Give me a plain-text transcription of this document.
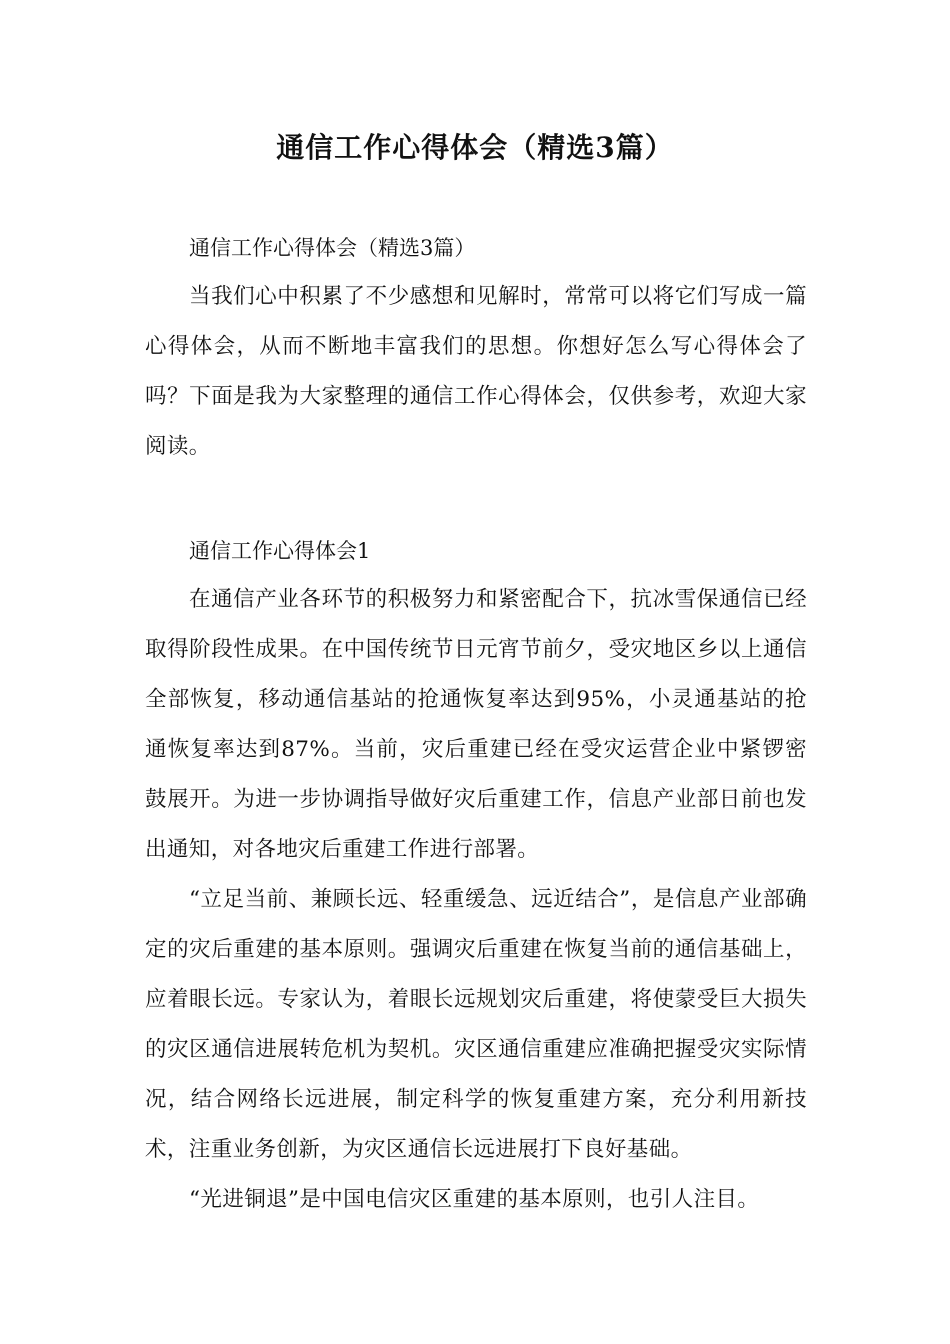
通信工作心得体会（精选3篇）

通信工作心得体会（精选3篇）

当我们心中积累了不少感想和见解时，常常可以将它们写成一篇心得体会，从而不断地丰富我们的思想。你想好怎么写心得体会了吗？下面是我为大家整理的通信工作心得体会，仅供参考，欢迎大家阅读。

通信工作心得体会1

在通信产业各环节的积极努力和紧密配合下，抗冰雪保通信已经取得阶段性成果。在中国传统节日元宵节前夕，受灾地区乡以上通信全部恢复，移动通信基站的抢通恢复率达到95%，小灵通基站的抢通恢复率达到87%。当前，灾后重建已经在受灾运营企业中紧锣密鼓展开。为进一步协调指导做好灾后重建工作，信息产业部日前也发出通知，对各地灾后重建工作进行部署。

“立足当前、兼顾长远、轻重缓急、远近结合”，是信息产业部确定的灾后重建的基本原则。强调灾后重建在恢复当前的通信基础上，应着眼长远。专家认为，着眼长远规划灾后重建，将使蒙受巨大损失的灾区通信进展转危机为契机。灾区通信重建应准确把握受灾实际情况，结合网络长远进展，制定科学的恢复重建方案，充分利用新技术，注重业务创新，为灾区通信长远进展打下良好基础。

“光进铜退”是中国电信灾区重建的基本原则，也引人注目。
